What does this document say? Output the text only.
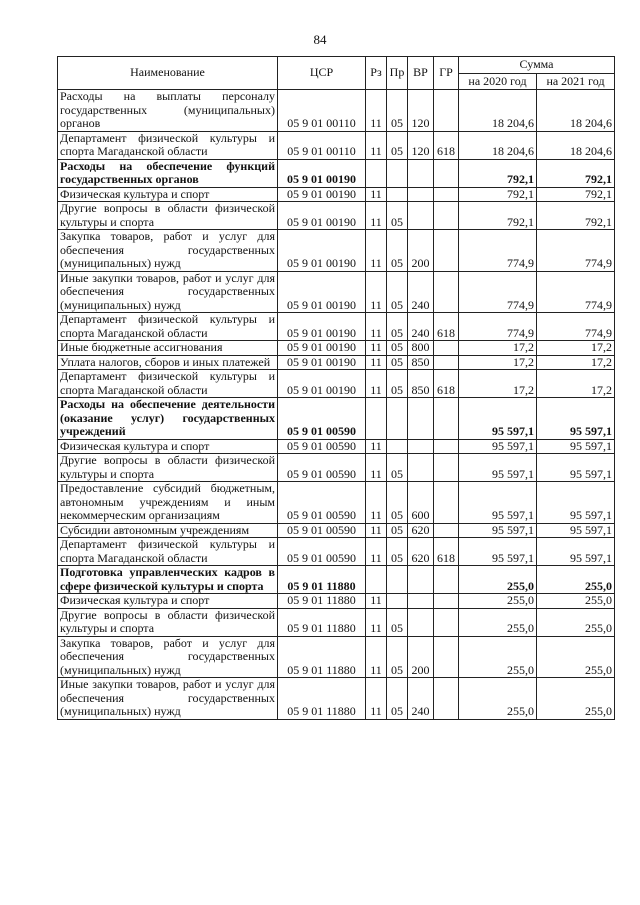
84
Наименование	ЦСР	Рз	Пр	ВР	ГР	Сумма	
						на 2020 год	на 2021 год
Расходы на выплаты персоналу государственных (муниципальных) органов	05 9 01 00110	11	05	120		18 204,6	18 204,6
Департамент физической культуры и спорта Магаданской области	05 9 01 00110	11	05	120	618	18 204,6	18 204,6
Расходы на обеспечение функций государственных органов	05 9 01 00190					792,1	792,1
Физическая культура и спорт	05 9 01 00190	11				792,1	792,1
Другие вопросы в области физической культуры и спорта	05 9 01 00190	11	05			792,1	792,1
Закупка товаров, работ и услуг для обеспечения государственных (муниципальных) нужд	05 9 01 00190	11	05	200		774,9	774,9
Иные закупки товаров, работ и услуг для обеспечения государственных (муниципальных) нужд	05 9 01 00190	11	05	240		774,9	774,9
Департамент физической культуры и спорта Магаданской области	05 9 01 00190	11	05	240	618	774,9	774,9
Иные бюджетные ассигнования	05 9 01 00190	11	05	800		17,2	17,2
Уплата налогов, сборов и иных платежей	05 9 01 00190	11	05	850		17,2	17,2
Департамент физической культуры и спорта Магаданской области	05 9 01 00190	11	05	850	618	17,2	17,2
Расходы на обеспечение деятельности (оказание услуг) государственных учреждений	05 9 01 00590					95 597,1	95 597,1
Физическая культура и спорт	05 9 01 00590	11				95 597,1	95 597,1
Другие вопросы в области физической культуры и спорта	05 9 01 00590	11	05			95 597,1	95 597,1
Предоставление субсидий бюджетным, автономным учреждениям и иным некоммерческим организациям	05 9 01 00590	11	05	600		95 597,1	95 597,1
Субсидии автономным учреждениям	05 9 01 00590	11	05	620		95 597,1	95 597,1
Департамент физической культуры и спорта Магаданской области	05 9 01 00590	11	05	620	618	95 597,1	95 597,1
Подготовка управленческих кадров в сфере физической культуры и спорта	05 9 01 11880					255,0	255,0
Физическая культура и спорт	05 9 01 11880	11				255,0	255,0
Другие вопросы в области физической культуры и спорта	05 9 01 11880	11	05			255,0	255,0
Закупка товаров, работ и услуг для обеспечения государственных (муниципальных) нужд	05 9 01 11880	11	05	200		255,0	255,0
Иные закупки товаров, работ и услуг для обеспечения государственных (муниципальных) нужд	05 9 01 11880	11	05	240		255,0	255,0
